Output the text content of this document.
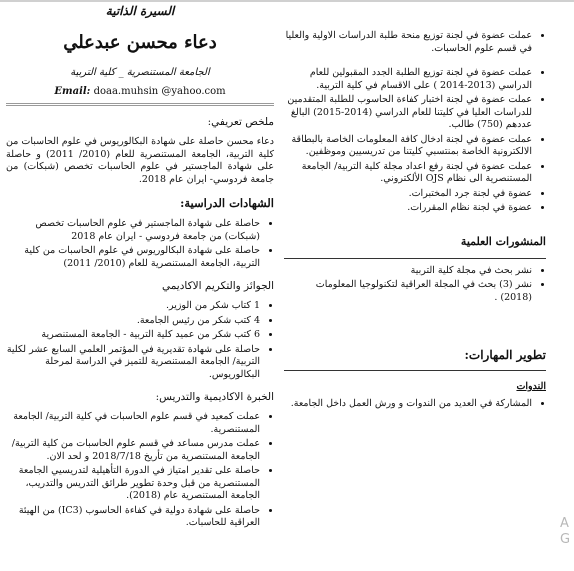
السيرة الذاتية
دعاء محسن عبدعلي
الجامعة المستنصرية _ كلية التربية
Email: doaa.muhsin @yahoo.com
ملخص تعريفي:

دعاء محسن حاصلة على شهادة البكالوريوس في علوم الحاسبات من كلية التربية، الجامعة المستنصرية للعام (2010/ 2011) و حاصلة على شهادة الماجستير في علوم الحاسبات تخصص (شبكات) من جامعة فردوسي- ايران عام 2018.

الشهادات الدراسية:
• حاصلة على شهادة الماجستير في علوم الحاسبات تخصص (شبكات) من جامعة فردوسي - ايران عام 2018
• حاصلة على شهادة البكالوريوس في علوم الحاسبات من كلية التربية، الجامعة المستنصرية للعام (2010/ 2011)
الجوائز والتكريم الاكاديمي
• 1 كتاب شكر من الوزير.
• 4 كتب شكر من رئيس الجامعة.
• 6 كتب شكر من عميد كلية التربية - الجامعة المستنصرية
• حاصلة على شهادة تقديرية في المؤتمر العلمي السابع عشر لكلية التربية/ الجامعة المستنصرية للتميز في الدراسة لمرحلة البكالوريوس.
الخبرة الاكاديمية والتدريس:
• عملت كمعيد في قسم علوم الحاسبات في كلية التربية/ الجامعة المستنصرية.
• عملت مدرس مساعد في قسم علوم الحاسبات من كلية التربية/ الجامعة المستنصرية من تأريخ 2018/7/18 و لحد الان.
• حاصلة على تقدير امتياز في الدورة التأهيلية لتدريسيي الجامعة المستنصرية من قبل وحدة تطوير طرائق التدريس والتدريب، الجامعة المستنصرية عام (2018).
• حاصلة على شهادة دولية في كفاءة الحاسوب (IC3) من الهيئة العراقية للحاسبات.
• عملت عضوة في لجنة توزيع منحة طلبة الدراسات الاولية والعليا في قسم علوم الحاسبات.
• عملت عضوة في لجنة توزيع الطلبة الجدد المقبولين للعام الدراسي (2013-2014 ) على الاقسام في كلية التربية.
• عملت عضوة في لجنة اختبار كفاءة الحاسوب للطلبة المتقدمين للدراسات العليا في كليتنا للعام الدراسي (2014-2015) البالغ عددهم (750) طالب.
• عملت عضوة في لجنة ادخال كافة المعلومات الخاصة بالبطاقة الالكترونية الخاصة بمنتسبي كليتنا من تدريسيين وموظفين.
• عملت عضوة في لجنة رفع اعداد مجلة كلية التربية/ الجامعة المستنصرية الى نظام OJS الألكتروني.
• عضوة في لجنة جرد المختبرات.
• عضوة في لجنة نظام المقررات.
المنشورات العلمية
• نشر بحث في مجلة كلية التربية
• نشر (3) بحث في المجلة العراقية لتكنولوجيا المعلومات (2018) .
تطوير المهارات:
الندوات
• المشاركة في العديد من الندوات و ورش العمل داخل الجامعة.
A
G
